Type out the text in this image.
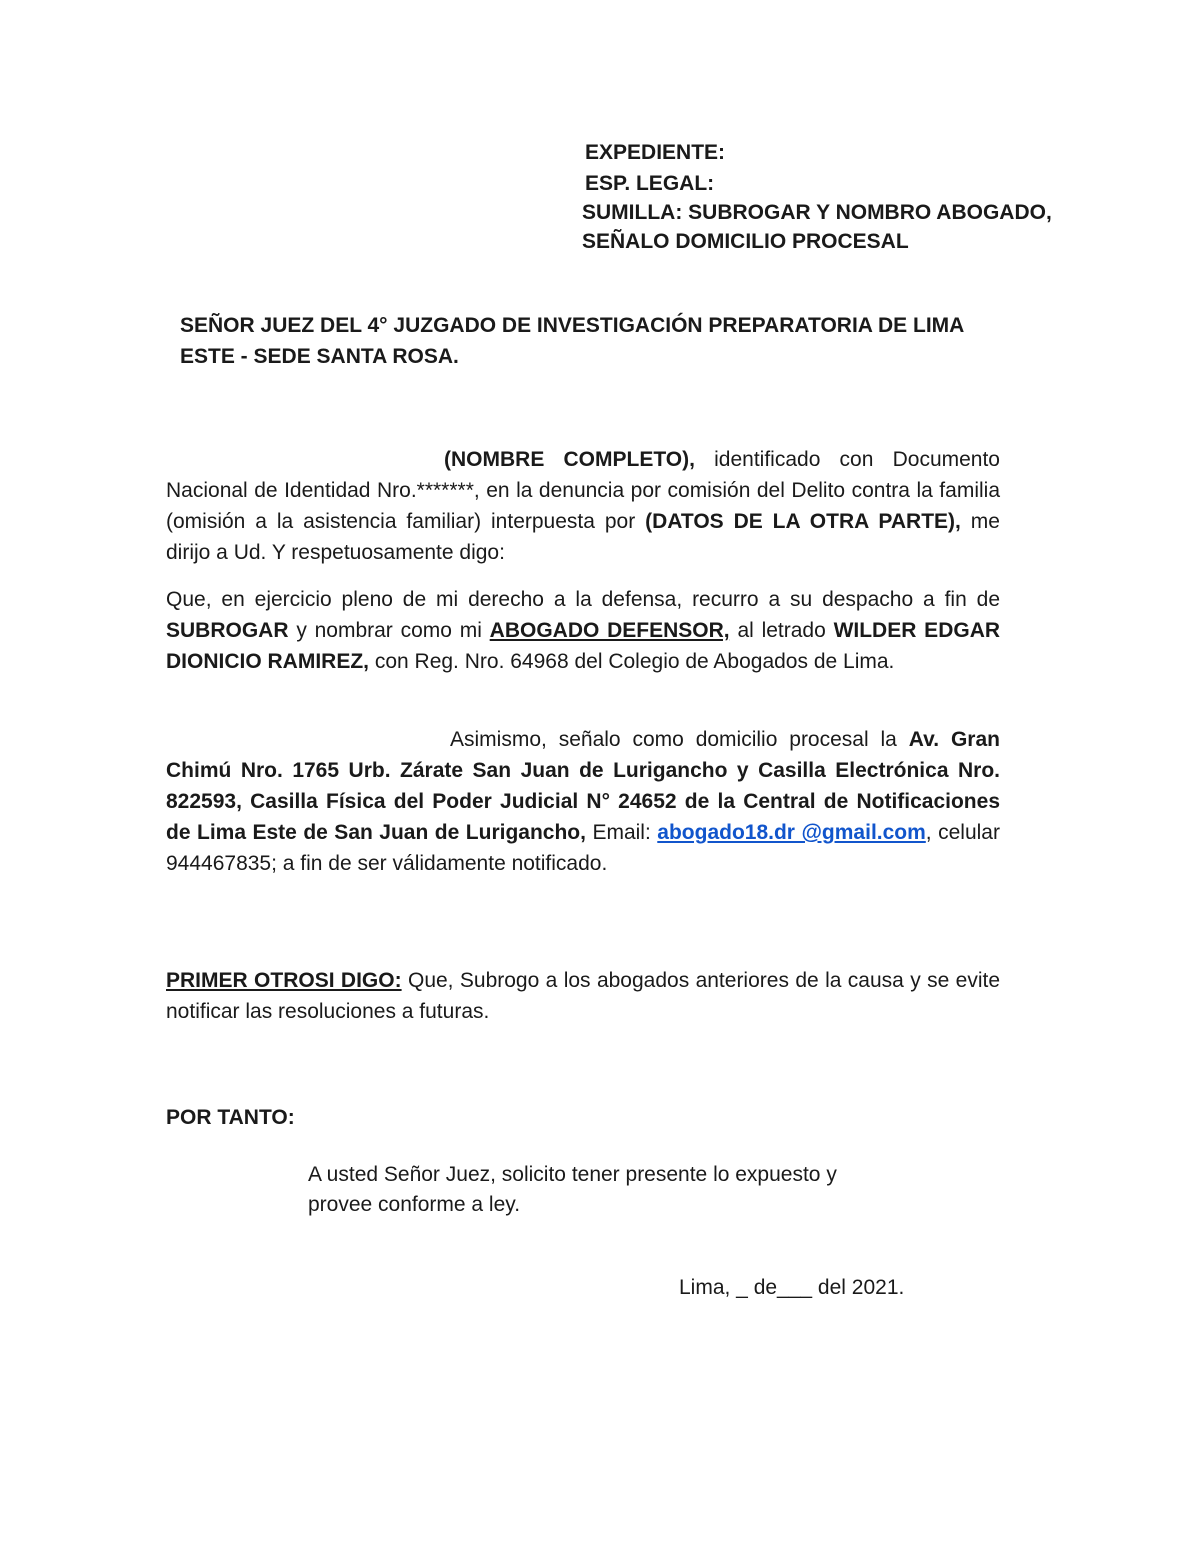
EXPEDIENTE:
ESP. LEGAL:
SUMILLA: SUBROGAR Y NOMBRO ABOGADO,
SEÑALO DOMICILIO PROCESAL
SEÑOR JUEZ DEL 4° JUZGADO DE INVESTIGACIÓN PREPARATORIA DE LIMA ESTE - SEDE SANTA ROSA.
(NOMBRE COMPLETO), identificado con Documento Nacional de Identidad Nro.*******, en la denuncia por comisión del Delito contra la familia (omisión a la asistencia familiar) interpuesta por (DATOS DE LA OTRA PARTE), me dirijo a Ud. Y respetuosamente digo:
Que, en ejercicio pleno de mi derecho a la defensa, recurro a su despacho a fin de SUBROGAR y nombrar como mi ABOGADO DEFENSOR, al letrado WILDER EDGAR DIONICIO RAMIREZ, con Reg. Nro. 64968 del Colegio de Abogados de Lima.
Asimismo, señalo como domicilio procesal la Av. Gran Chimú Nro. 1765 Urb. Zárate San Juan de Lurigancho y Casilla Electrónica Nro. 822593, Casilla Física del Poder Judicial N° 24652 de la Central de Notificaciones de Lima Este de San Juan de Lurigancho, Email: abogado18.dr @gmail.com, celular 944467835; a fin de ser válidamente notificado.
PRIMER OTROSI DIGO: Que, Subrogo a los abogados anteriores de la causa y se evite notificar las resoluciones a futuras.
POR TANTO:
A usted Señor Juez, solicito tener presente lo expuesto y
provee conforme a ley.
Lima, _ de___ del 2021.
